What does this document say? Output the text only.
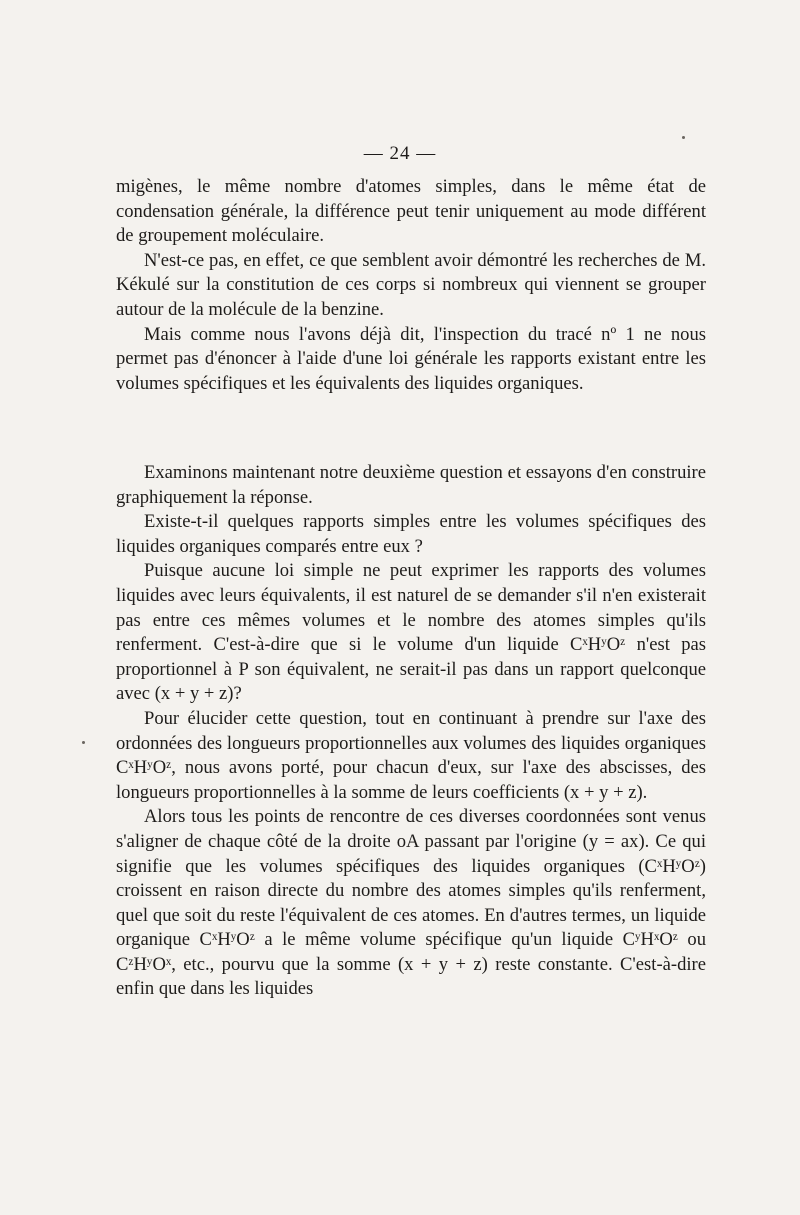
— 24 —

migènes, le même nombre d'atomes simples, dans le même état de condensation générale, la différence peut tenir uniquement au mode différent de groupement moléculaire.

N'est-ce pas, en effet, ce que semblent avoir démontré les recherches de M. Kékulé sur la constitution de ces corps si nombreux qui viennent se grouper autour de la molécule de la benzine.

Mais comme nous l'avons déjà dit, l'inspection du tracé nº 1 ne nous permet pas d'énoncer à l'aide d'une loi générale les rapports existant entre les volumes spécifiques et les équivalents des liquides organiques.

Examinons maintenant notre deuxième question et essayons d'en construire graphiquement la réponse.

Existe-t-il quelques rapports simples entre les volumes spécifiques des liquides organiques comparés entre eux ?

Puisque aucune loi simple ne peut exprimer les rapports des volumes liquides avec leurs équivalents, il est naturel de se demander s'il n'en existerait pas entre ces mêmes volumes et le nombre des atomes simples qu'ils renferment. C'est-à-dire que si le volume d'un liquide CˣHʸOᶻ n'est pas proportionnel à P son équivalent, ne serait-il pas dans un rapport quelconque avec (x + y + z)?

Pour élucider cette question, tout en continuant à prendre sur l'axe des ordonnées des longueurs proportionnelles aux volumes des liquides organiques CˣHʸOᶻ, nous avons porté, pour chacun d'eux, sur l'axe des abscisses, des longueurs proportionnelles à la somme de leurs coefficients (x + y + z).

Alors tous les points de rencontre de ces diverses coordonnées sont venus s'aligner de chaque côté de la droite oA passant par l'origine (y = ax). Ce qui signifie que les volumes spécifiques des liquides organiques (CˣHʸOᶻ) croissent en raison directe du nombre des atomes simples qu'ils renferment, quel que soit du reste l'équivalent de ces atomes. En d'autres termes, un liquide organique CˣHʸOᶻ a le même volume spécifique qu'un liquide CʸHˣOᶻ ou CᶻHʸOˣ, etc., pourvu que la somme (x + y + z) reste constante. C'est-à-dire enfin que dans les liquides
